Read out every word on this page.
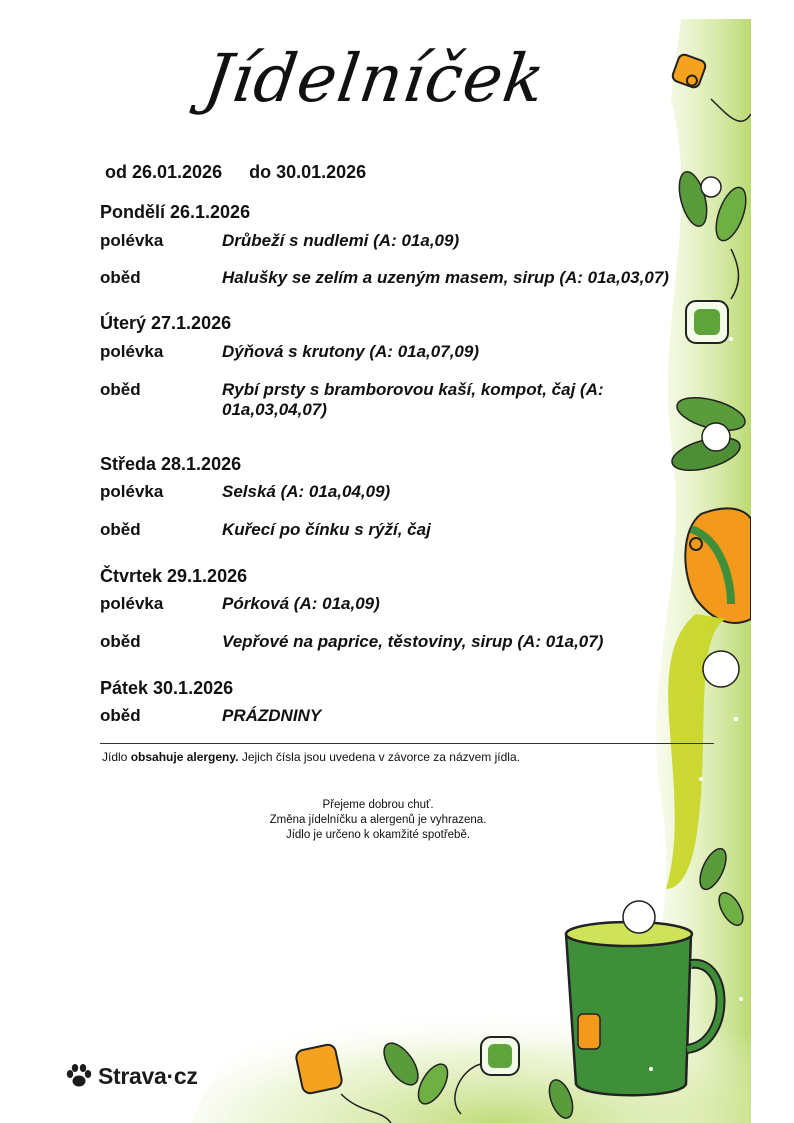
Jídelníček
od 26.01.2026 do 30.01.2026
Pondělí 26.1.2026
polévka	Drůbeží s nudlemi (A: 01a,09)
oběd	Halušky se zelím a uzeným masem, sirup (A: 01a,03,07)
Úterý 27.1.2026
polévka	Dýňová s krutony (A: 01a,07,09)
oběd	Rybí prsty s bramborovou kaší, kompot, čaj (A: 01a,03,04,07)
Středa 28.1.2026
polévka	Selská (A: 01a,04,09)
oběd	Kuřecí po čínku s rýží, čaj
Čtvrtek 29.1.2026
polévka	Pórková (A: 01a,09)
oběd	Vepřové na paprice, těstoviny, sirup (A: 01a,07)
Pátek 30.1.2026
oběd	PRÁZDNINY
Jídlo obsahuje alergeny. Jejich čísla jsou uvedena v závorce za názvem jídla.
Přejeme dobrou chuť.
Změna jídelníčku a alergenů je vyhrazena.
Jídlo je určeno k okamžité spotřebě.
Strava·cz
